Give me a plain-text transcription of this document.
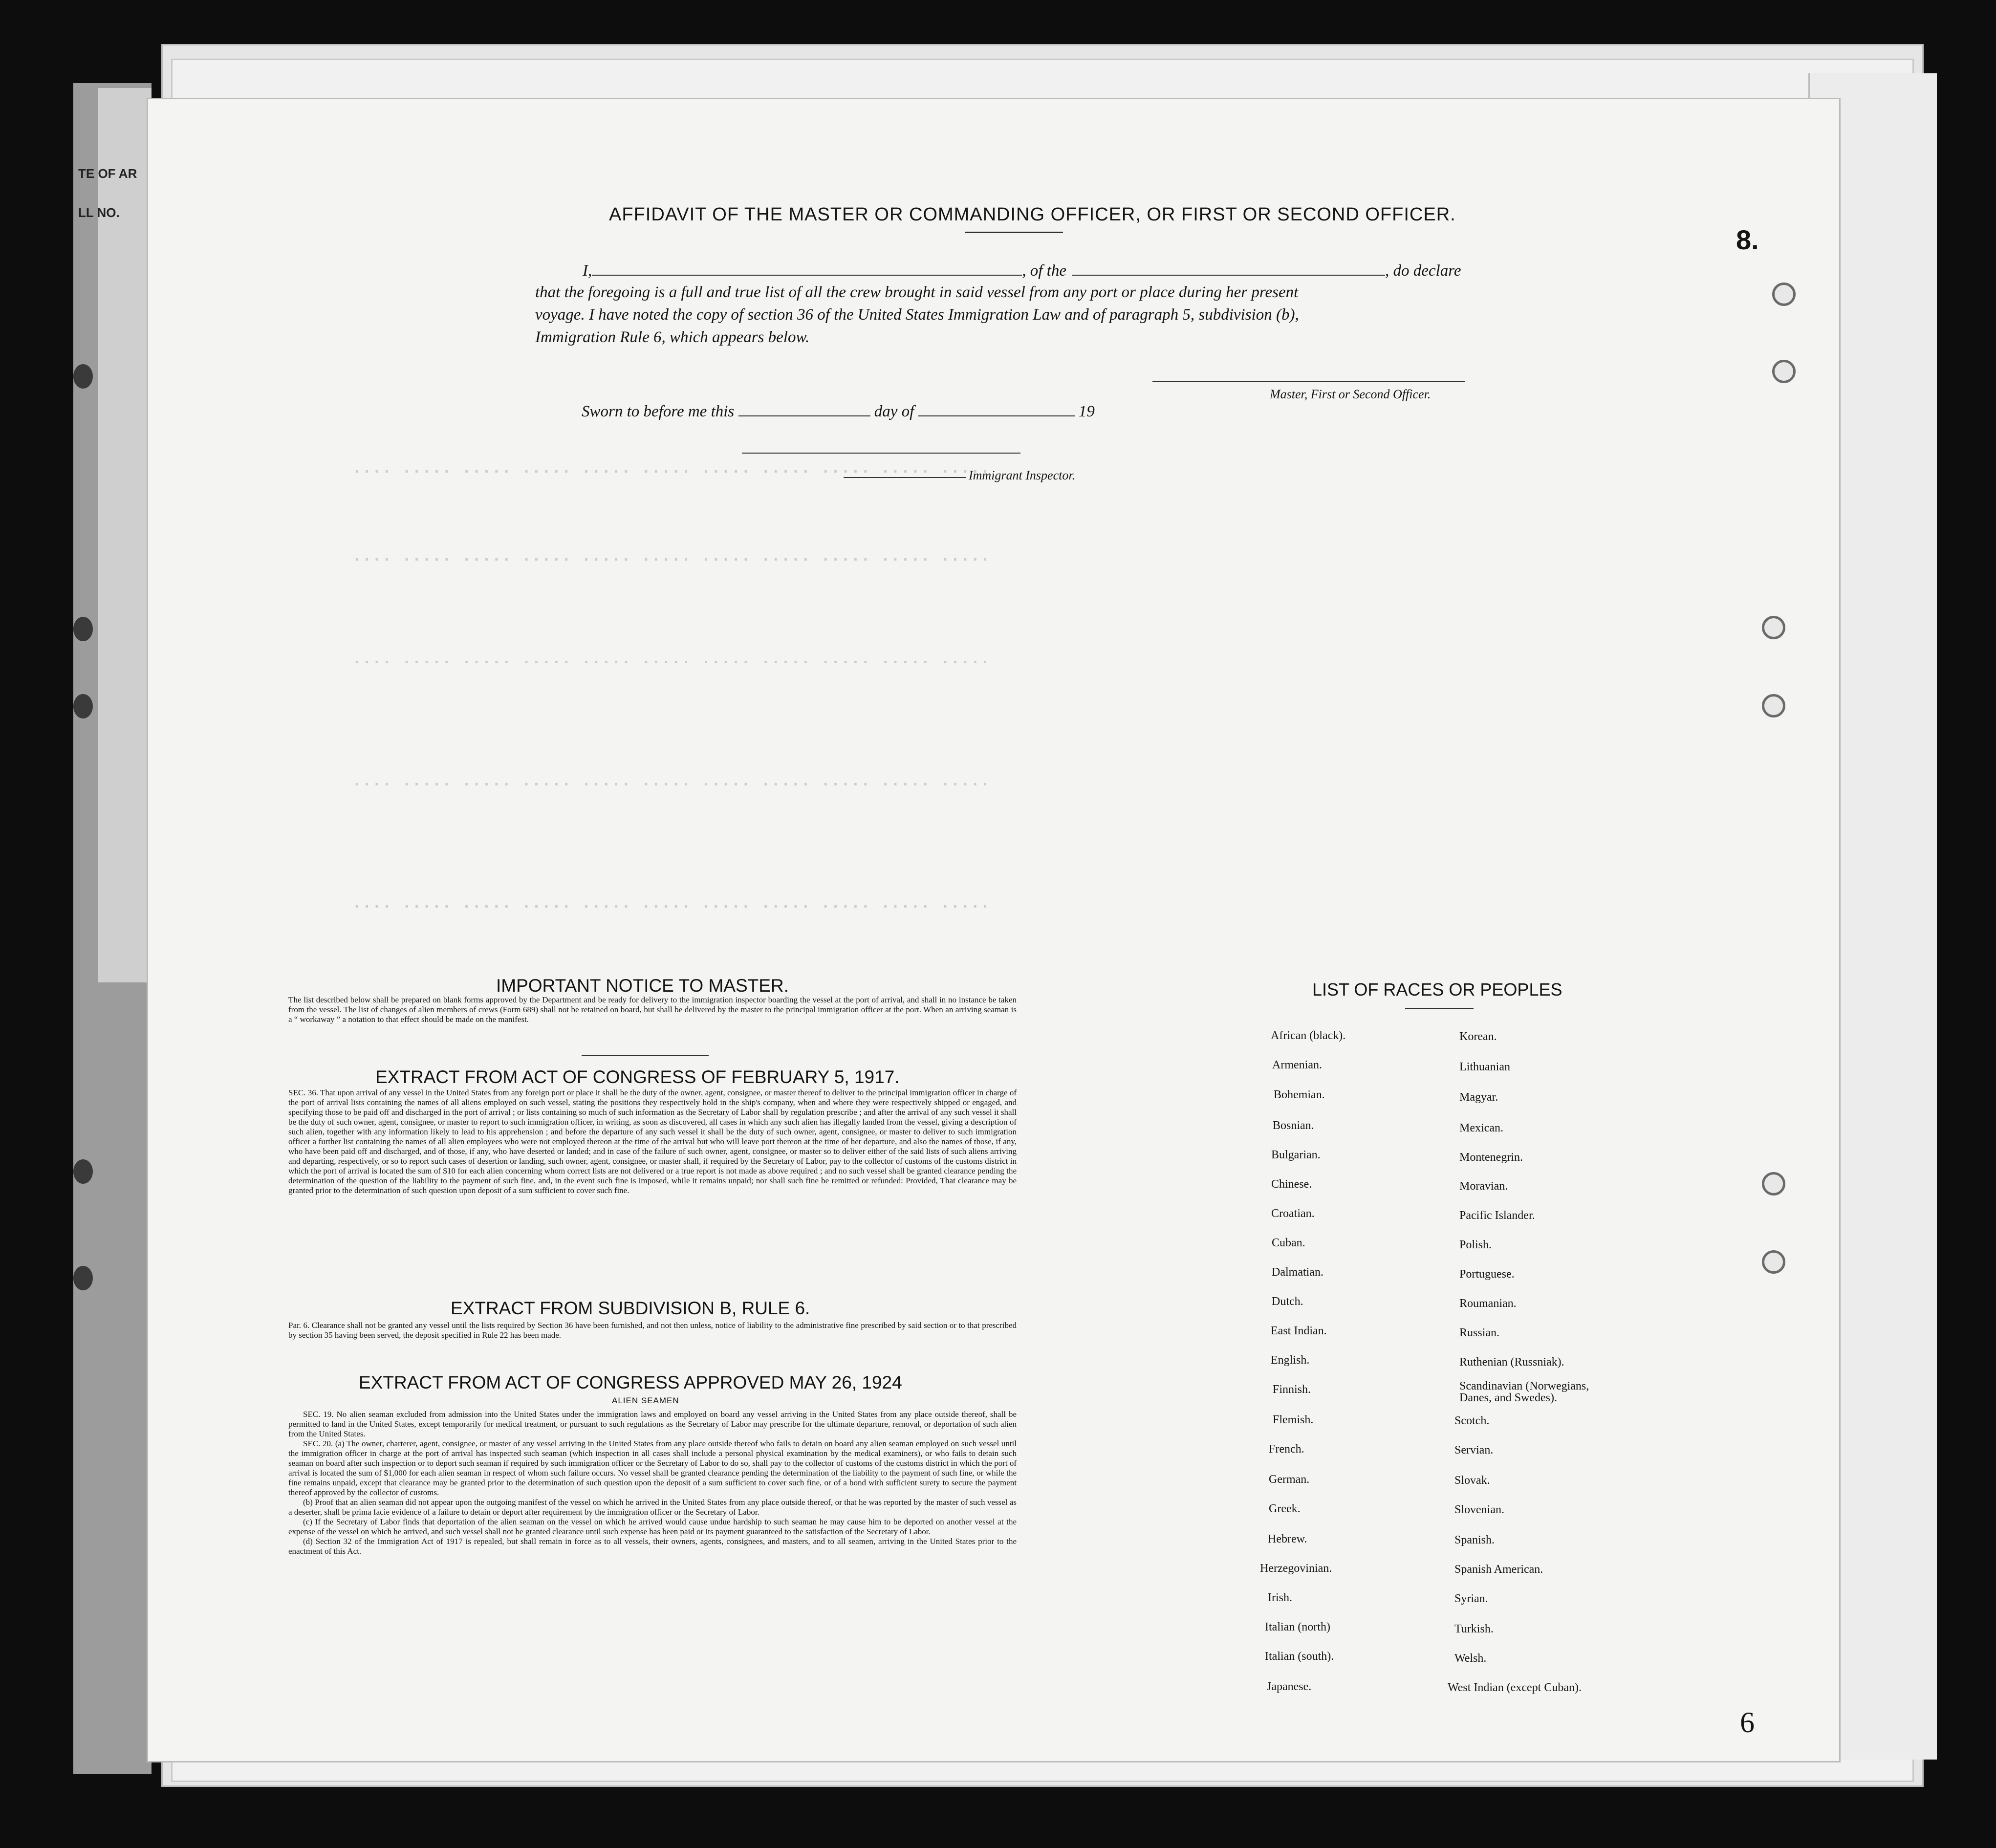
TE OF AR
LL NO.
.... ..... ..... ..... ..... ..... ..... ..... ..... ..... .....
.... ..... ..... ..... ..... ..... ..... ..... ..... ..... .....
.... ..... ..... ..... ..... ..... ..... ..... ..... ..... .....
.... ..... ..... ..... ..... ..... ..... ..... ..... ..... .....
.... ..... ..... ..... ..... ..... ..... ..... ..... ..... .....
8.
6
AFFIDAVIT OF THE MASTER OR COMMANDING OFFICER, OR FIRST OR SECOND OFFICER.
I,	, of the	, do declare
that the foregoing is a full and true list of all the crew brought in said vessel from any port or place during her present
voyage. I have noted the copy of section 36 of the United States Immigration Law and of paragraph 5, subdivision (b),
Immigration Rule 6, which appears below.
Master, First or Second Officer.
Sworn to before me this	day of	19
Immigrant Inspector.
IMPORTANT NOTICE TO MASTER.
The list described below shall be prepared on blank forms approved by the Department and be ready for delivery to the immigration inspector boarding the vessel at the port of arrival, and shall in no instance be taken from the vessel. The list of changes of alien members of crews (Form 689) shall not be retained on board, but shall be delivered by the master to the principal immigration officer at the port. When an arriving seaman is a “ workaway ” a notation to that effect should be made on the manifest.
EXTRACT FROM ACT OF CONGRESS OF FEBRUARY 5, 1917.
SEC. 36. That upon arrival of any vessel in the United States from any foreign port or place it shall be the duty of the owner, agent, consignee, or master thereof to deliver to the principal immigration officer in charge of the port of arrival lists containing the names of all aliens employed on such vessel, stating the positions they respectively hold in the ship's company, when and where they were respectively shipped or engaged, and specifying those to be paid off and discharged in the port of arrival ; or lists containing so much of such information as the Secretary of Labor shall by regulation prescribe ; and after the arrival of any such vessel it shall be the duty of such owner, agent, consignee, or master to report to such immigration officer, in writing, as soon as discovered, all cases in which any such alien has illegally landed from the vessel, giving a description of such alien, together with any information likely to lead to his apprehension ; and before the departure of any such vessel it shall be the duty of such owner, agent, consignee, or master to deliver to such immigration officer a further list containing the names of all alien employees who were not employed thereon at the time of the arrival but who will leave port thereon at the time of her departure, and also the names of those, if any, who have been paid off and discharged, and of those, if any, who have deserted or landed; and in case of the failure of such owner, agent, consignee, or master so to deliver either of the said lists of such aliens arriving and departing, respectively, or so to report such cases of desertion or landing, such owner, agent, consignee, or master shall, if required by the Secretary of Labor, pay to the collector of customs of the customs district in which the port of arrival is located the sum of $10 for each alien concerning whom correct lists are not delivered or a true report is not made as above required ; and no such vessel shall be granted clearance pending the determination of the question of the liability to the payment of such fine, and, in the event such fine is imposed, while it remains unpaid; nor shall such fine be remitted or refunded: Provided, That clearance may be granted prior to the determination of such question upon deposit of a sum sufficient to cover such fine.
EXTRACT FROM SUBDIVISION B, RULE 6.
Par. 6. Clearance shall not be granted any vessel until the lists required by Section 36 have been furnished, and not then unless, notice of liability to the administrative fine prescribed by said section or to that prescribed by section 35 having been served, the deposit specified in Rule 22 has been made.
EXTRACT FROM ACT OF CONGRESS APPROVED MAY 26, 1924
ALIEN SEAMEN
SEC. 19. No alien seaman excluded from admission into the United States under the immigration laws and employed on board any vessel arriving in the United States from any place outside thereof, shall be permitted to land in the United States, except temporarily for medical treatment, or pursuant to such regulations as the Secretary of Labor may prescribe for the ultimate departure, removal, or deportation of such alien from the United States.
SEC. 20. (a) The owner, charterer, agent, consignee, or master of any vessel arriving in the United States from any place outside thereof who fails to detain on board any alien seaman employed on such vessel until the immigration officer in charge at the port of arrival has inspected such seaman (which inspection in all cases shall include a personal physical examination by the medical examiners), or who fails to detain such seaman on board after such inspection or to deport such seaman if required by such immigration officer or the Secretary of Labor to do so, shall pay to the collector of customs of the customs district in which the port of arrival is located the sum of $1,000 for each alien seaman in respect of whom such failure occurs. No vessel shall be granted clearance pending the determination of the liability to the payment of such fine, or while the fine remains unpaid, except that clearance may be granted prior to the determination of such question upon the deposit of a sum sufficient to cover such fine, or of a bond with sufficient surety to secure the payment thereof approved by the collector of customs.
(b) Proof that an alien seaman did not appear upon the outgoing manifest of the vessel on which he arrived in the United States from any place outside thereof, or that he was reported by the master of such vessel as a deserter, shall be prima facie evidence of a failure to detain or deport after requirement by the immigration officer or the Secretary of Labor.
(c) If the Secretary of Labor finds that deportation of the alien seaman on the vessel on which he arrived would cause undue hardship to such seaman he may cause him to be deported on another vessel at the expense of the vessel on which he arrived, and such vessel shall not be granted clearance until such expense has been paid or its payment guaranteed to the satisfaction of the Secretary of Labor.
(d) Section 32 of the Immigration Act of 1917 is repealed, but shall remain in force as to all vessels, their owners, agents, consignees, and masters, and to all seamen, arriving in the United States prior to the enactment of this Act.
LIST OF RACES OR PEOPLES
African (black).
Armenian.
Bohemian.
Bosnian.
Bulgarian.
Chinese.
Croatian.
Cuban.
Dalmatian.
Dutch.
East Indian.
English.
Finnish.
Flemish.
French.
German.
Greek.
Hebrew.
Herzegovinian.
Irish.
Italian (north)
Italian (south).
Japanese.
Korean.
Lithuanian
Magyar.
Mexican.
Montenegrin.
Moravian.
Pacific Islander.
Polish.
Portuguese.
Roumanian.
Russian.
Ruthenian (Russniak).
Scandinavian (Norwegians, Danes, and Swedes).
Scotch.
Servian.
Slovak.
Slovenian.
Spanish.
Spanish American.
Syrian.
Turkish.
Welsh.
West Indian (except Cuban).
